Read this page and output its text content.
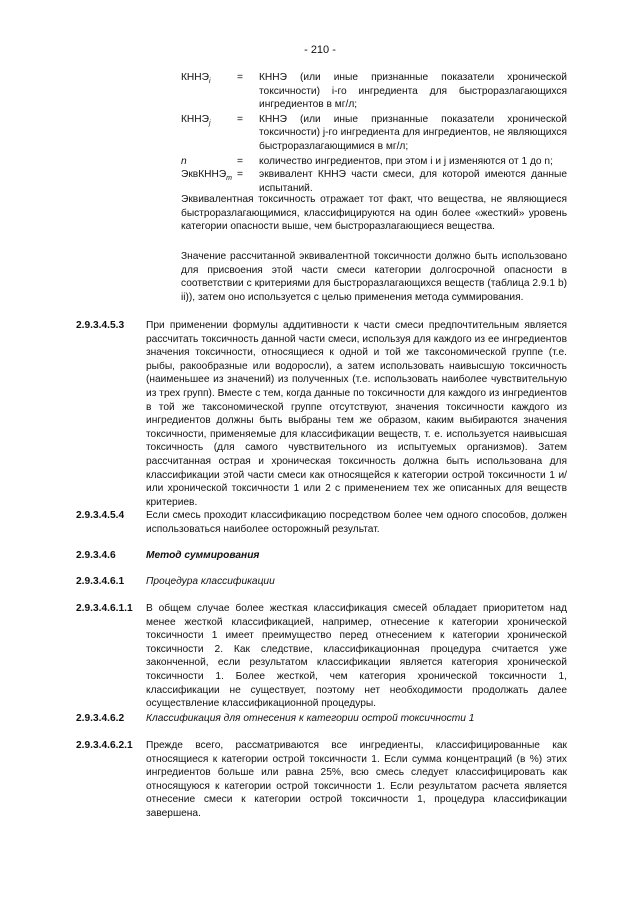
- 210 -
$КННЭ_i$	=	КННЭ (или иные признанные показатели хронической токсичности) i-го ингредиента для быстроразлагающихся ингредиентов в мг/л;
$КННЭ_j$	=	КННЭ (или иные признанные показатели хронической токсичности) j-го ингредиента для ингредиентов, не являющихся быстроразлагающимися в мг/л;
n	=	количество ингредиентов, при этом i и j изменяются от 1 до n;
ЭквКННЭ$_m$ =	эквивалент КННЭ части смеси, для которой имеются данные испытаний.
Эквивалентная токсичность отражает тот факт, что вещества, не являющиеся быстроразлагающимися, классифицируются на один более «жесткий» уровень категории опасности выше, чем быстроразлагающиеся вещества.
Значение рассчитанной эквивалентной токсичности должно быть использовано для присвоения этой части смеси категории долгосрочной опасности в соответствии с критериями для быстроразлагающихся веществ (таблица 2.9.1 b) ii)), затем оно используется с целью применения метода суммирования.
2.9.3.4.5.3 При применении формулы аддитивности к части смеси предпочтительным является рассчитать токсичность данной части смеси, используя для каждого из ее ингредиентов значения токсичности, относящиеся к одной и той же таксономической группе (т.е. рыбы, ракообразные или водоросли), а затем использовать наивысшую токсичность (наименьшее из значений) из полученных (т.е. использовать наиболее чувствительную из трех групп). Вместе с тем, когда данные по токсичности для каждого из ингредиентов в той же таксономической группе отсутствуют, значения токсичности каждого из ингредиентов должны быть выбраны тем же образом, каким выбираются значения токсичности, применяемые для классификации веществ, т. е. используется наивысшая токсичность (для самого чувствительного из испытуемых организмов). Затем рассчитанная острая и хроническая токсичность должна быть использована для классификации этой части смеси как относящейся к категории острой токсичности 1 и/или хронической токсичности 1 или 2 с применением тех же описанных для веществ критериев.
2.9.3.4.5.4 Если смесь проходит классификацию посредством более чем одного способов, должен использоваться наиболее осторожный результат.
2.9.3.4.6	Метод суммирования
2.9.3.4.6.1 Процедура классификации
2.9.3.4.6.1.1 В общем случае более жесткая классификация смесей обладает приоритетом над менее жесткой классификацией, например, отнесение к категории хронической токсичности 1 имеет преимущество перед отнесением к категории хронической токсичности 2. Как следствие, классификационная процедура считается уже законченной, если результатом классификации является категория хронической токсичности 1. Более жесткой, чем категория хронической токсичности 1, классификации не существует, поэтому нет необходимости продолжать далее осуществление классификационной процедуры.
2.9.3.4.6.2 Классификация для отнесения к категории острой токсичности 1
2.9.3.4.6.2.1 Прежде всего, рассматриваются все ингредиенты, классифицированные как относящиеся к категории острой токсичности 1. Если сумма концентраций (в %) этих ингредиентов больше или равна 25%, всю смесь следует классифицировать как относящуюся к категории острой токсичности 1. Если результатом расчета является отнесение смеси к категории острой токсичности 1, процедура классификации завершена.
